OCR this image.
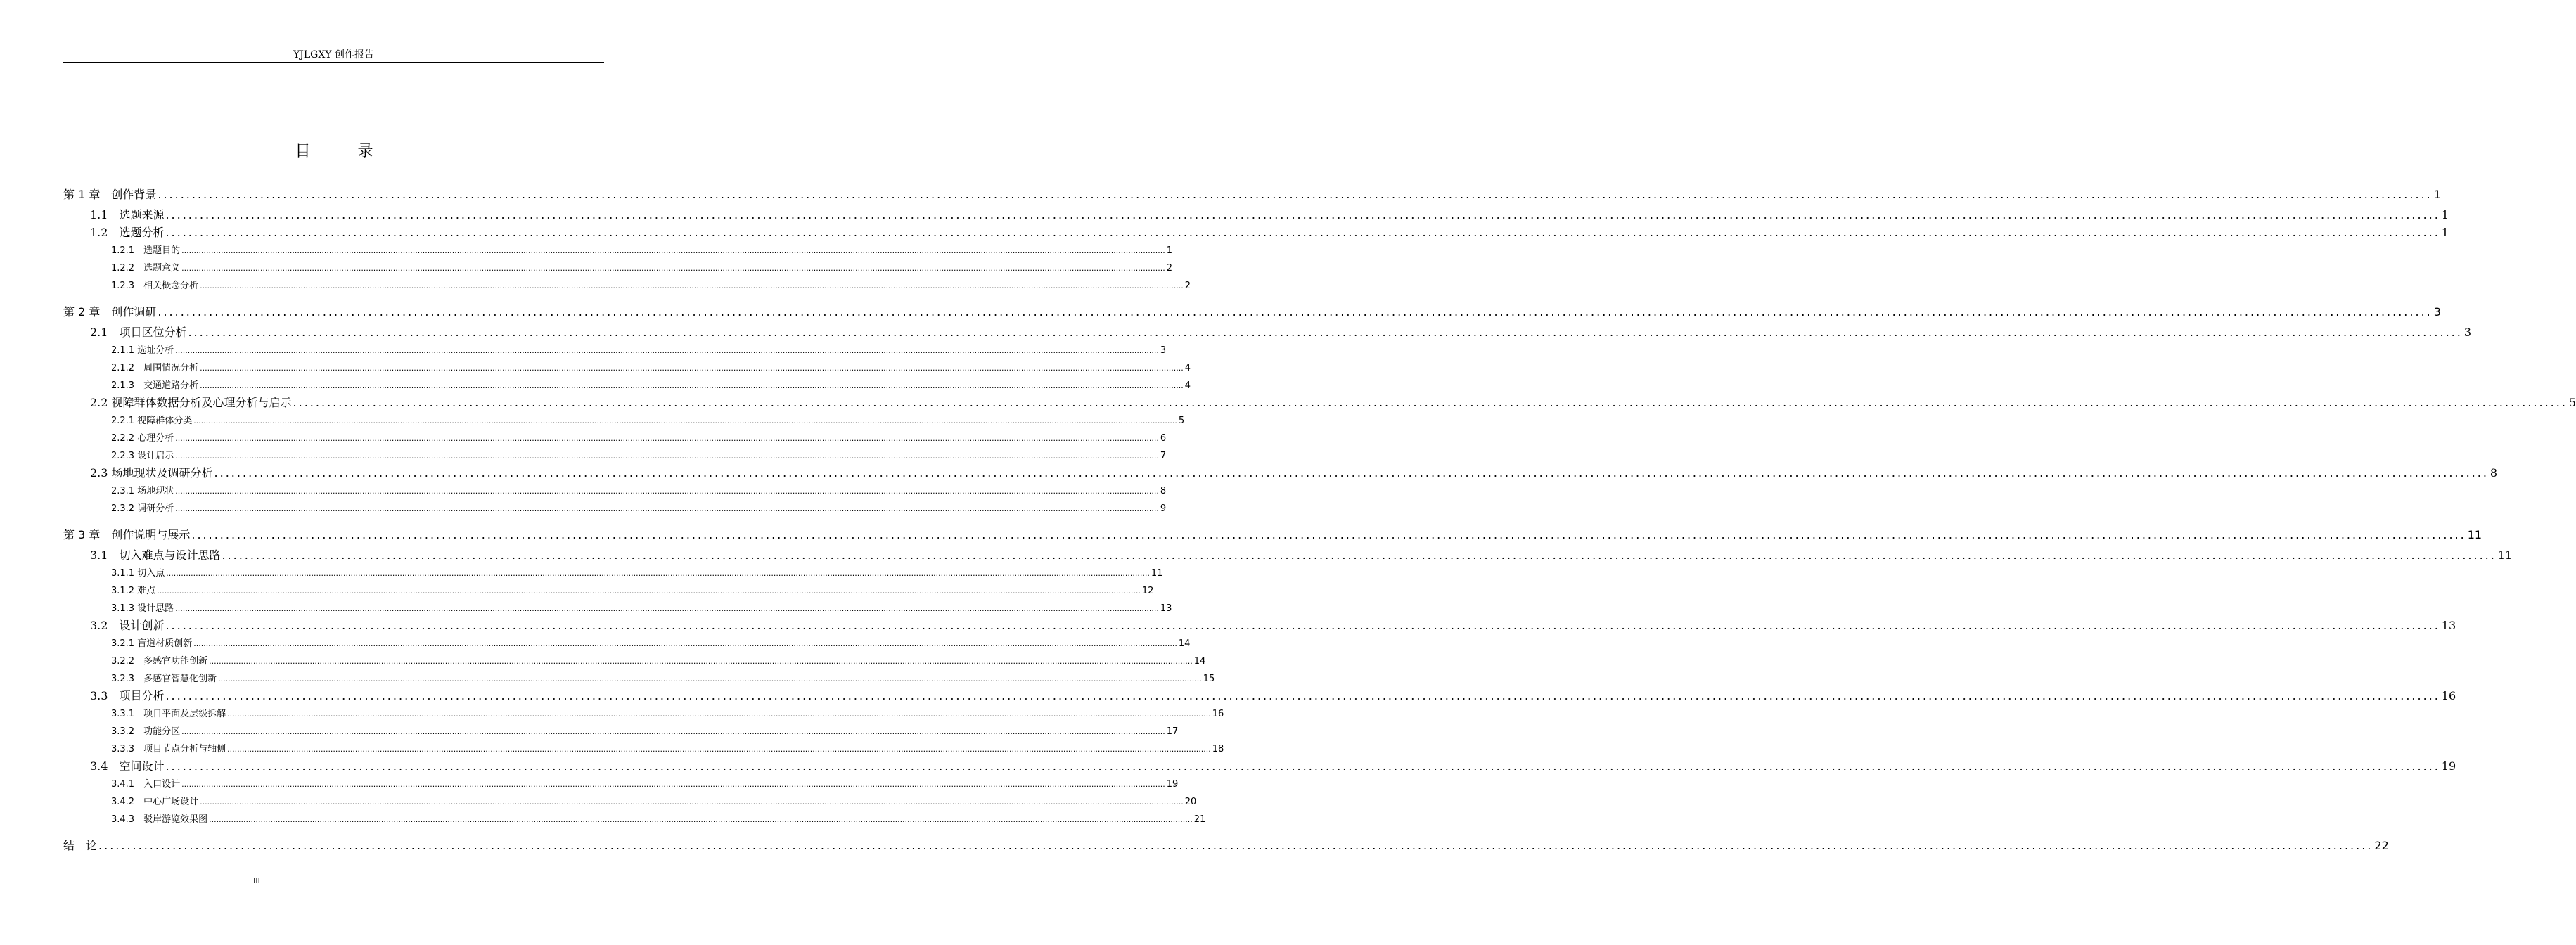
YJLGXY 创作报告
目 录
第 1 章　创作背景 ................................................................................................................................................................................................................................................................................................................................................................................................................ 1
1.1　选题来源 ................................................................................................................................................................................................................................................................................................................................................................................................................ 1
1.2　选题分析 ................................................................................................................................................................................................................................................................................................................................................................................................................ 1
1.2.1　选题目的 ................................................................................................................................................................................................................................................................................................................................................................................................................ 1
1.2.2　选题意义 ................................................................................................................................................................................................................................................................................................................................................................................................................ 2
1.2.3　相关概念分析 ................................................................................................................................................................................................................................................................................................................................................................................................................ 2
第 2 章　创作调研 ................................................................................................................................................................................................................................................................................................................................................................................................................ 3
2.1　项目区位分析 ................................................................................................................................................................................................................................................................................................................................................................................................................ 3
2.1.1 选址分析 ................................................................................................................................................................................................................................................................................................................................................................................................................ 3
2.1.2　周围情况分析 ................................................................................................................................................................................................................................................................................................................................................................................................................ 4
2.1.3　交通道路分析 ................................................................................................................................................................................................................................................................................................................................................................................................................ 4
2.2 视障群体数据分析及心理分析与启示 ................................................................................................................................................................................................................................................................................................................................................................................................................ 5
2.2.1 视障群体分类 ................................................................................................................................................................................................................................................................................................................................................................................................................ 5
2.2.2 心理分析 ................................................................................................................................................................................................................................................................................................................................................................................................................ 6
2.2.3 设计启示 ................................................................................................................................................................................................................................................................................................................................................................................................................ 7
2.3 场地现状及调研分析 ................................................................................................................................................................................................................................................................................................................................................................................................................ 8
2.3.1 场地现状 ................................................................................................................................................................................................................................................................................................................................................................................................................ 8
2.3.2 调研分析 ................................................................................................................................................................................................................................................................................................................................................................................................................ 9
第 3 章　创作说明与展示 ................................................................................................................................................................................................................................................................................................................................................................................................................ 11
3.1　切入难点与设计思路 ................................................................................................................................................................................................................................................................................................................................................................................................................ 11
3.1.1 切入点 ................................................................................................................................................................................................................................................................................................................................................................................................................ 11
3.1.2 难点 ................................................................................................................................................................................................................................................................................................................................................................................................................ 12
3.1.3 设计思路 ................................................................................................................................................................................................................................................................................................................................................................................................................ 13
3.2　设计创新 ................................................................................................................................................................................................................................................................................................................................................................................................................ 13
3.2.1 盲道材质创新 ................................................................................................................................................................................................................................................................................................................................................................................................................ 14
3.2.2　多感官功能创新 ................................................................................................................................................................................................................................................................................................................................................................................................................ 14
3.2.3　多感官智慧化创新 ................................................................................................................................................................................................................................................................................................................................................................................................................ 15
3.3　项目分析 ................................................................................................................................................................................................................................................................................................................................................................................................................ 16
3.3.1　项目平面及层级拆解 ................................................................................................................................................................................................................................................................................................................................................................................................................ 16
3.3.2　功能分区 ................................................................................................................................................................................................................................................................................................................................................................................................................ 17
3.3.3　项目节点分析与轴侧 ................................................................................................................................................................................................................................................................................................................................................................................................................ 18
3.4　空间设计 ................................................................................................................................................................................................................................................................................................................................................................................................................ 19
3.4.1　入口设计 ................................................................................................................................................................................................................................................................................................................................................................................................................ 19
3.4.2　中心广场设计 ................................................................................................................................................................................................................................................................................................................................................................................................................ 20
3.4.3　驳岸游览效果图 ................................................................................................................................................................................................................................................................................................................................................................................................................ 21
结　论 ................................................................................................................................................................................................................................................................................................................................................................................................................ 22
III
